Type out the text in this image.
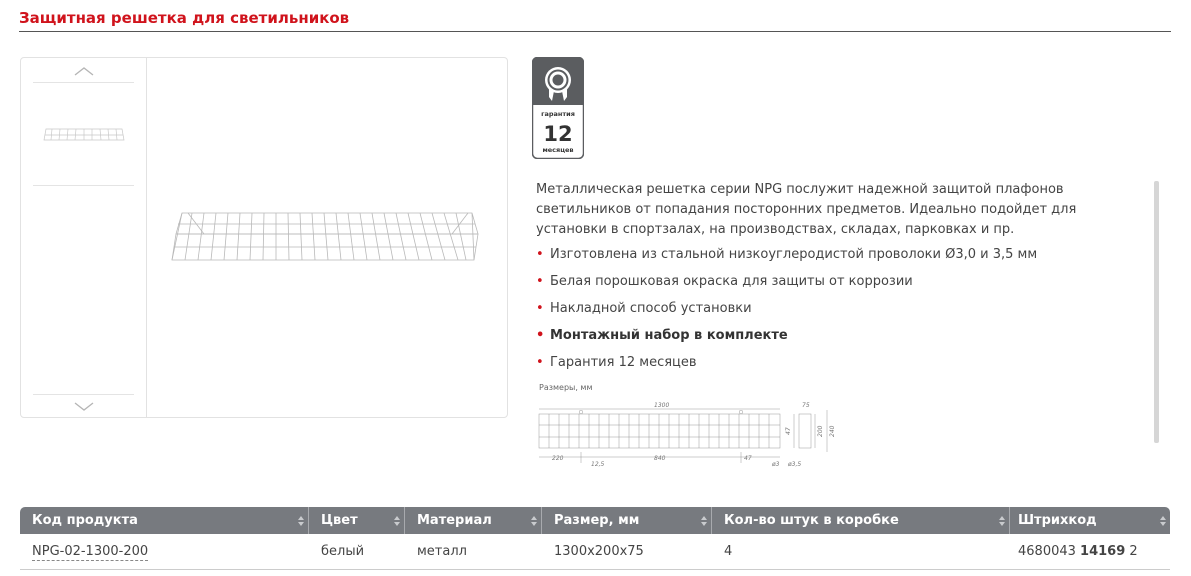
Защитная решетка для светильников
гарантия
12
месяцев

Металлическая решетка серии NPG послужит надежной защитой плафонов светильников от попадания посторонних предметов. Идеально подойдет для установки в спортзалах, на производствах, складах, парковках и пр.

• Изготовлена из стальной низкоуглеродистой проволоки Ø3,0 и 3,5 мм
• Белая порошковая окраска для защиты от коррозии
• Накладной способ установки
• Монтажный набор в комплекте
• Гарантия 12 месяцев
Размеры, мм
1300
220
12,5
840	47
ø3 ø3,5
75
200 240
47
Код продукта	Цвет	Материал	Размер, мм	Кол-во штук в коробке	Штрихкод
NPG-02-1300-200	белый	металл	1300x200x75	4	4680043 14169 2
